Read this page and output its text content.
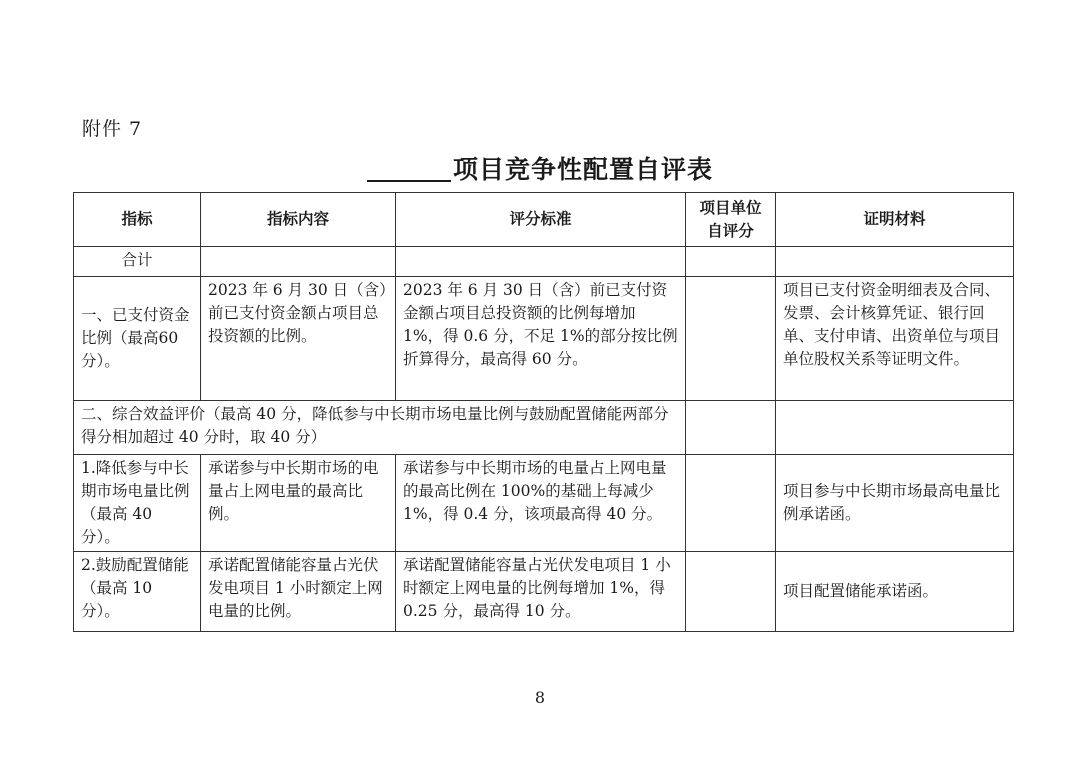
附件 7
项目竞争性配置自评表
指标	指标内容	评分标准	项目单位自评分	证明材料
合计				
一、已支付资金比例（最高60分）。	2023 年 6 月 30 日（含）前已支付资金额占项目总投资额的比例。	2023 年 6 月 30 日（含）前已支付资金额占项目总投资额的比例每增加 1%，得 0.6 分，不足 1%的部分按比例折算得分，最高得 60 分。		项目已支付资金明细表及合同、发票、会计核算凭证、银行回单、支付申请、出资单位与项目单位股权关系等证明文件。
二、综合效益评价（最高 40 分，降低参与中长期市场电量比例与鼓励配置储能两部分得分相加超过 40 分时，取 40 分）				
1.降低参与中长期市场电量比例（最高 40 分）。	承诺参与中长期市场的电量占上网电量的最高比例。	承诺参与中长期市场的电量占上网电量的最高比例在 100%的基础上每减少 1%，得 0.4 分，该项最高得 40 分。		项目参与中长期市场最高电量比例承诺函。
2.鼓励配置储能（最高 10 分）。	承诺配置储能容量占光伏发电项目 1 小时额定上网电量的比例。	承诺配置储能容量占光伏发电项目 1 小时额定上网电量的比例每增加 1%，得 0.25 分，最高得 10 分。		项目配置储能承诺函。
8
